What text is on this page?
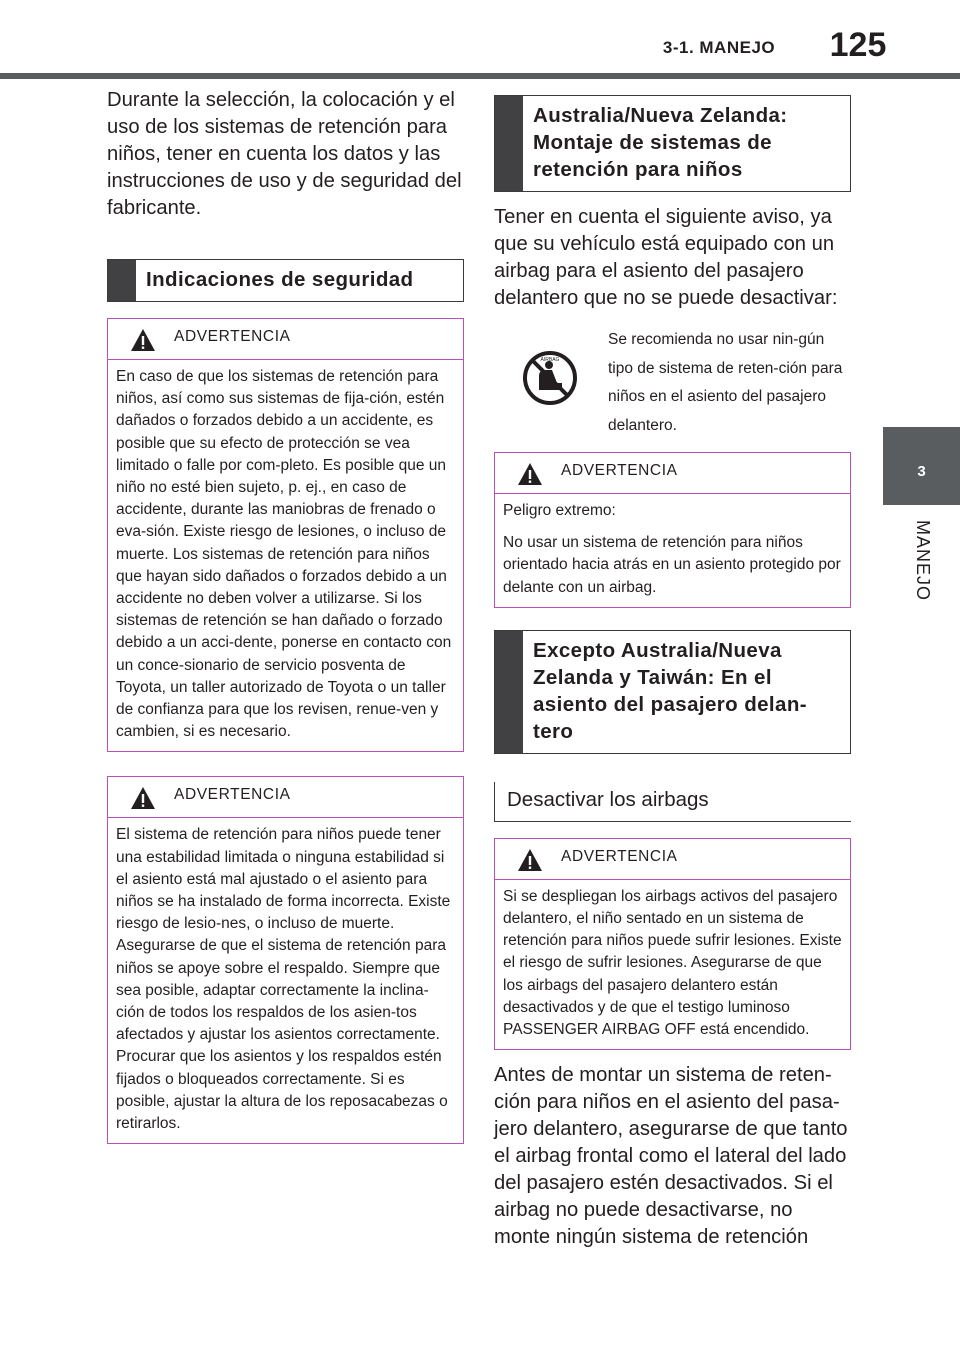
3-1. MANEJO	125
3
MANEJO

Durante la selección, la colocación y el uso de los sistemas de retención para niños, tener en cuenta los datos y las instrucciones de uso y de seguridad del fabricante.

Indicaciones de seguridad
ADVERTENCIA

En caso de que los sistemas de retención para niños, así como sus sistemas de fija-ción, estén dañados o forzados debido a un accidente, es posible que su efecto de protección se vea limitado o falle por com-pleto. Es posible que un niño no esté bien sujeto, p. ej., en caso de accidente, durante las maniobras de frenado o eva-sión. Existe riesgo de lesiones, o incluso de muerte. Los sistemas de retención para niños que hayan sido dañados o forzados debido a un accidente no deben volver a utilizarse. Si los sistemas de retención se han dañado o forzado debido a un acci-dente, ponerse en contacto con un conce-sionario de servicio posventa de Toyota, un taller autorizado de Toyota o un taller de confianza para que los revisen, renue-ven y cambien, si es necesario.

ADVERTENCIA

El sistema de retención para niños puede tener una estabilidad limitada o ninguna estabilidad si el asiento está mal ajustado o el asiento para niños se ha instalado de forma incorrecta. Existe riesgo de lesio-nes, o incluso de muerte. Asegurarse de que el sistema de retención para niños se apoye sobre el respaldo. Siempre que sea posible, adaptar correctamente la inclina-ción de todos los respaldos de los asien-tos afectados y ajustar los asientos correctamente. Procurar que los asientos y los respaldos estén fijados o bloqueados correctamente. Si es posible, ajustar la altura de los reposacabezas o retirarlos.

Australia/Nueva Zelanda: Montaje de sistemas de retención para niños

Tener en cuenta el siguiente aviso, ya que su vehículo está equipado con un airbag para el asiento del pasajero delantero que no se puede desactivar:

AIRBAG
Se recomienda no usar nin-gún tipo de sistema de reten-ción para niños en el asiento del pasajero delantero.
ADVERTENCIA

Peligro extremo:

No usar un sistema de retención para niños orientado hacia atrás en un asiento protegido por delante con un airbag.

Excepto Australia/Nueva Zelanda y Taiwán: En el asiento del pasajero delan-tero
Desactivar los airbags
ADVERTENCIA

Si se despliegan los airbags activos del pasajero delantero, el niño sentado en un sistema de retención para niños puede sufrir lesiones. Existe el riesgo de sufrir lesiones. Asegurarse de que los airbags del pasajero delantero están desactivados y de que el testigo luminoso PASSENGER AIRBAG OFF está encendido.

Antes de montar un sistema de reten-ción para niños en el asiento del pasa-jero delantero, asegurarse de que tanto el airbag frontal como el lateral del lado del pasajero estén desactivados. Si el airbag no puede desactivarse, no monte ningún sistema de retención
